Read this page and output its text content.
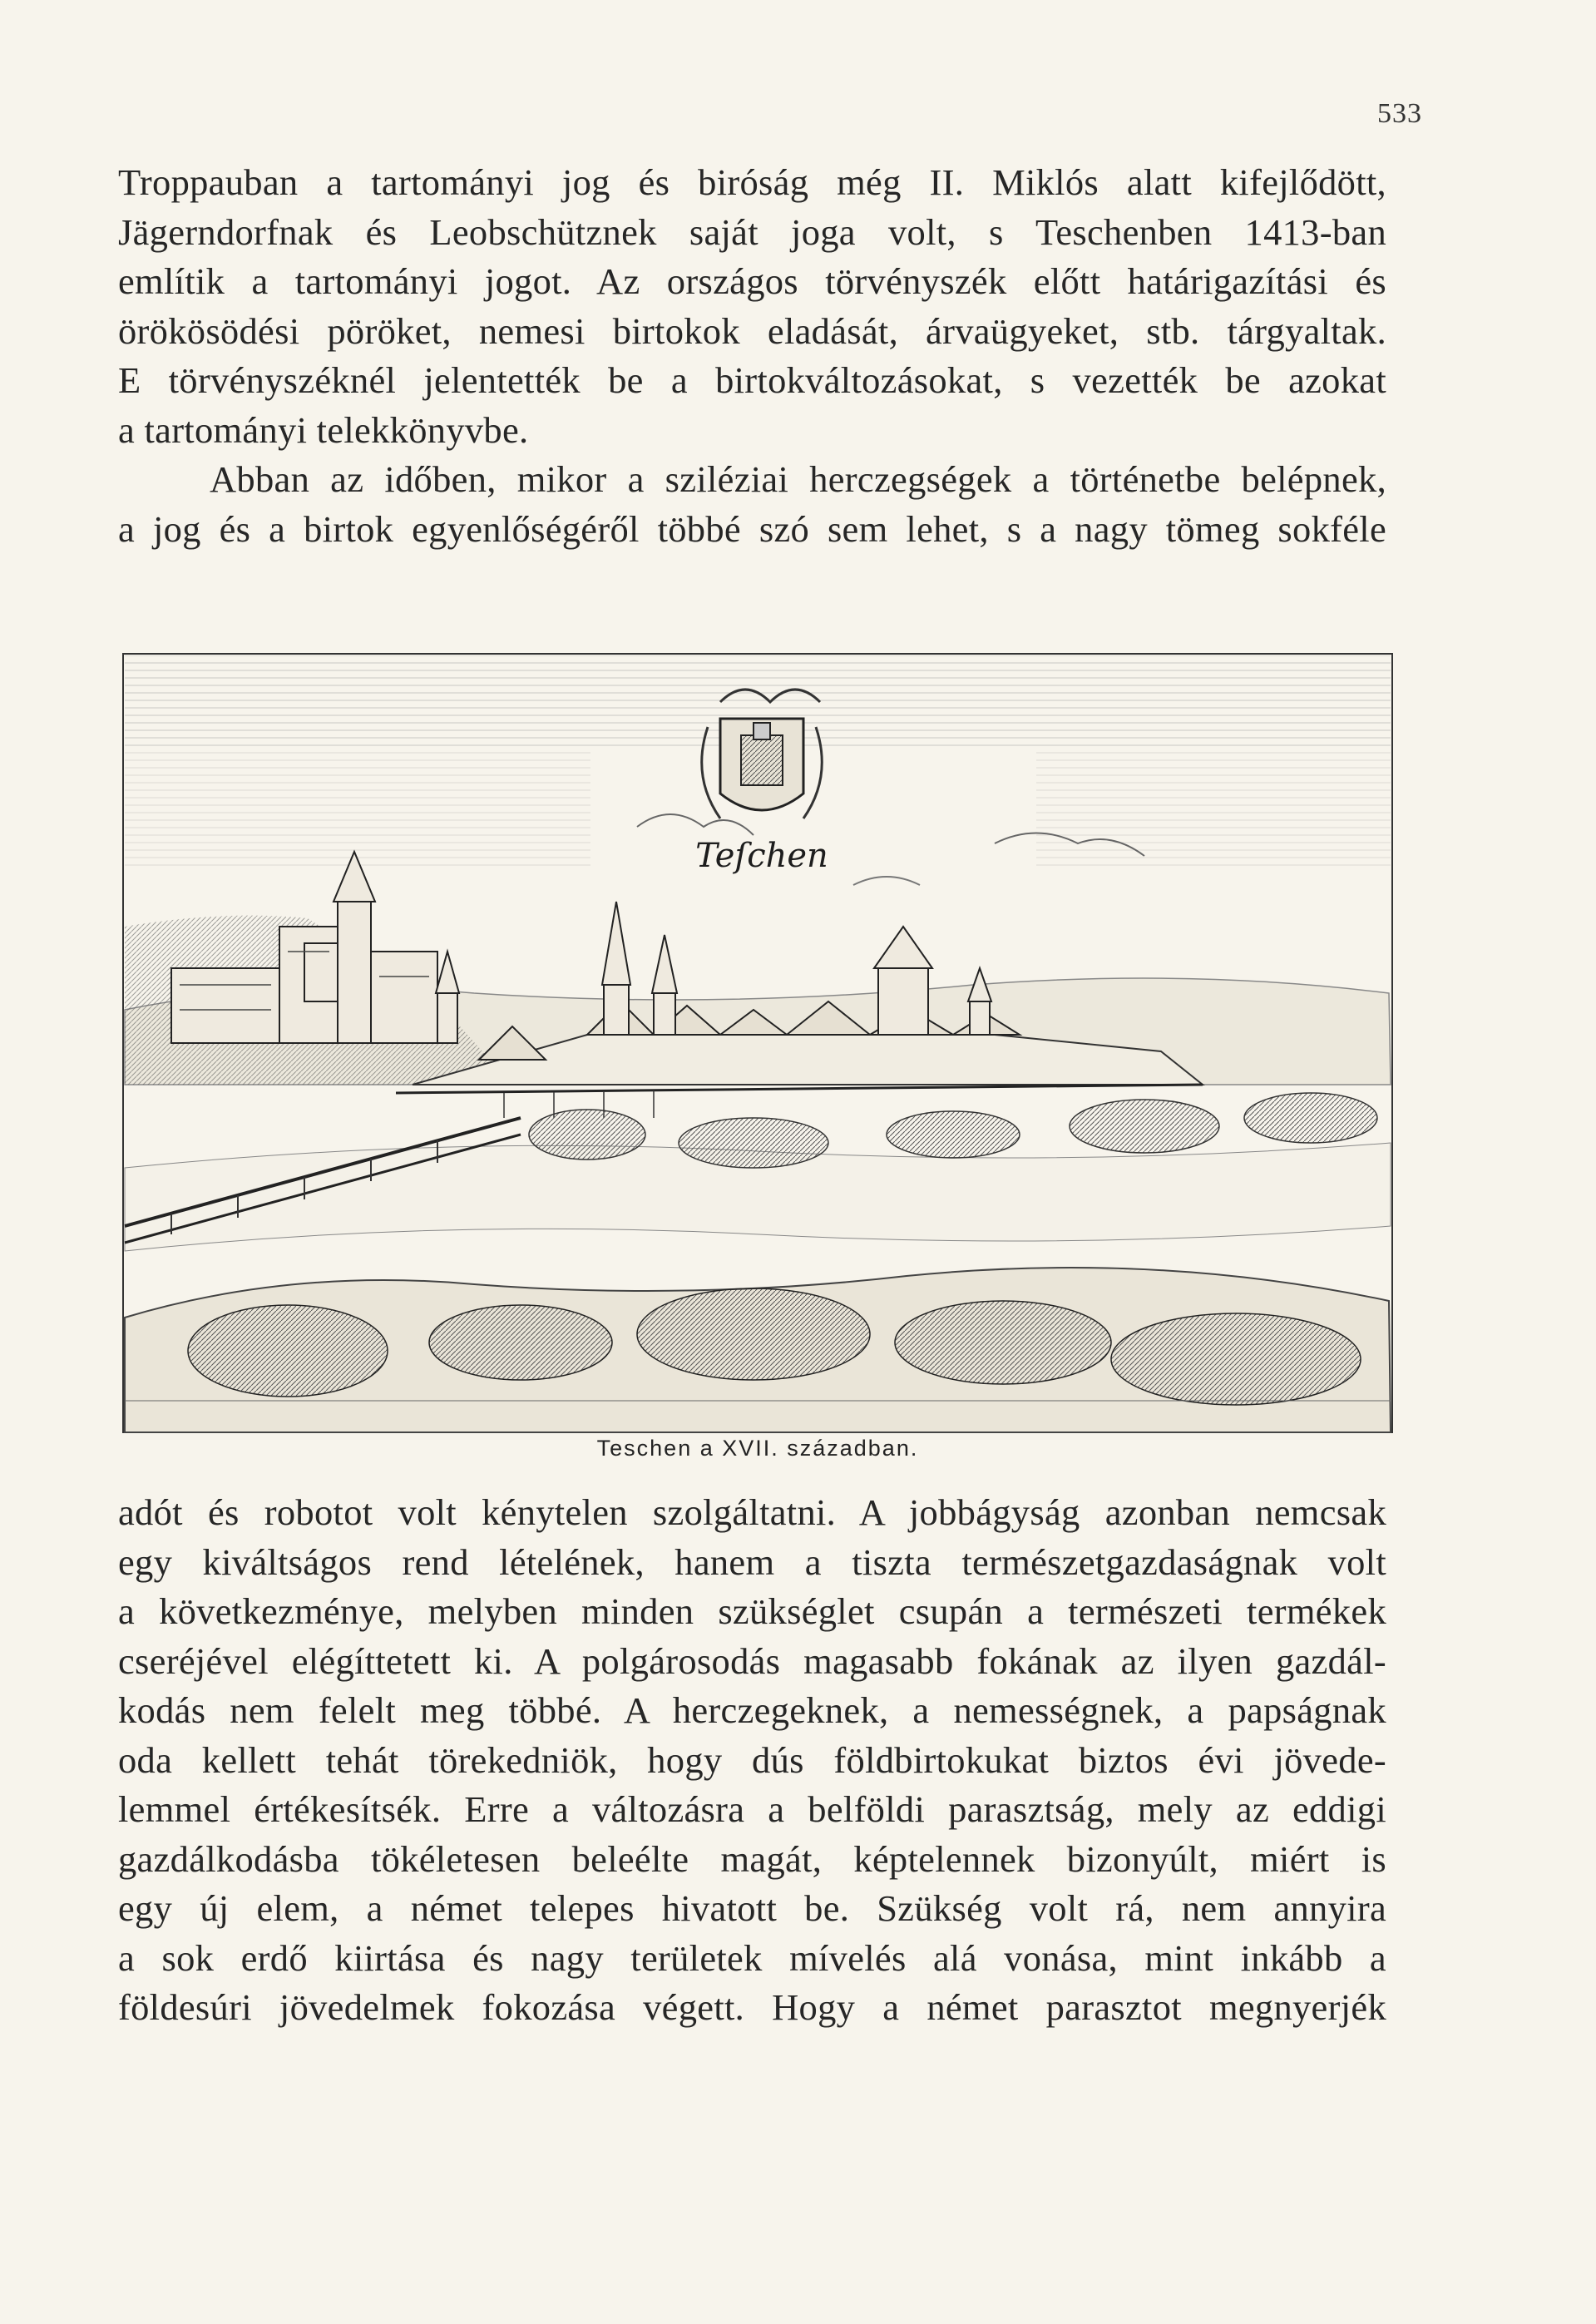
533
Troppauban a tartományi jog és biróság még II. Miklós alatt kifejlődött,
Jägerndorfnak és Leobschütznek saját joga volt, s Teschenben 1413-ban
említik a tartományi jogot. Az országos törvényszék előtt határigazítási és
örökösödési pöröket, nemesi birtokok eladását, árvaügyeket, stb. tárgyaltak.
E törvényszéknél jelentették be a birtokváltozásokat, s vezették be azokat
a tartományi telekkönyvbe.
Abban az időben, mikor a sziléziai herczegségek a történetbe belépnek,
a jog és a birtok egyenlőségéről többé szó sem lehet, s a nagy tömeg sokféle
Teſchen
Teschen a XVII. században.
adót és robotot volt kénytelen szolgáltatni. A jobbágyság azonban nemcsak
egy kiváltságos rend lételének, hanem a tiszta természetgazdaságnak volt
a következménye, melyben minden szükséglet csupán a természeti termékek
cseréjével elégíttetett ki. A polgárosodás magasabb fokának az ilyen gazdál-
kodás nem felelt meg többé. A herczegeknek, a nemességnek, a papságnak
oda kellett tehát törekedniök, hogy dús földbirtokukat biztos évi jövede-
lemmel értékesítsék. Erre a változásra a belföldi parasztság, mely az eddigi
gazdálkodásba tökéletesen beleélte magát, képtelennek bizonyúlt, miért is
egy új elem, a német telepes hivatott be. Szükség volt rá, nem annyira
a sok erdő kiirtása és nagy területek mívelés alá vonása, mint inkább a
földesúri jövedelmek fokozása végett. Hogy a német parasztot megnyerjék
